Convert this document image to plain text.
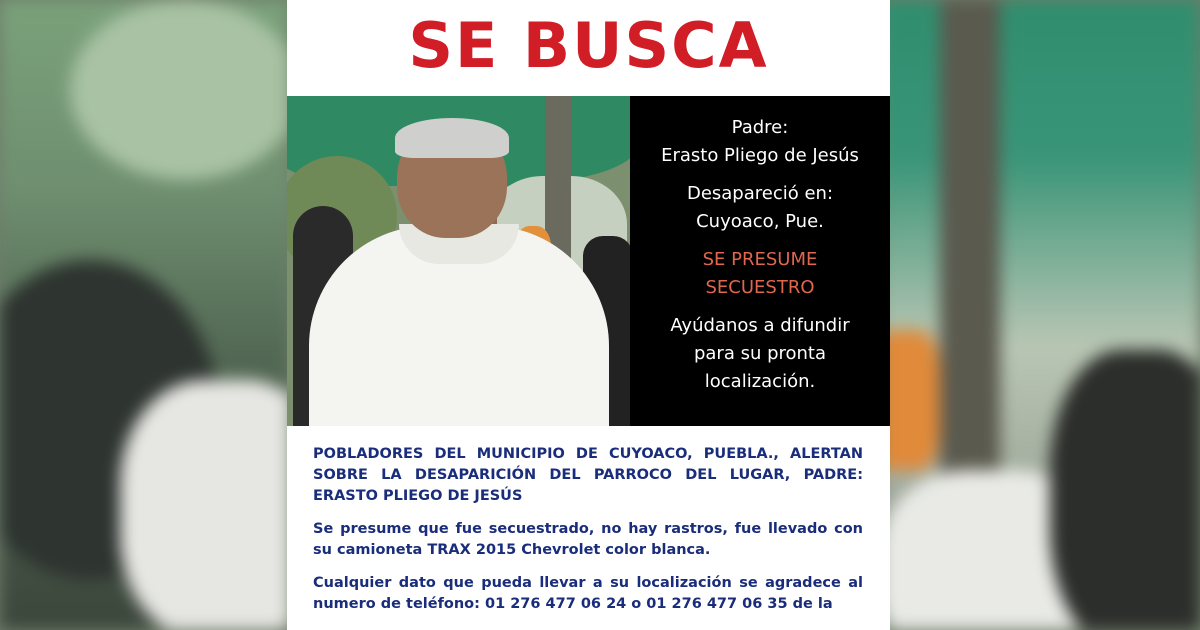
SE BUSCA
Padre:
Erasto Pliego de Jesús
Desapareció en:
Cuyoaco, Pue.
SE PRESUME
SECUESTRO
Ayúdanos a difundir
para su pronta
localización.

POBLADORES DEL MUNICIPIO DE CUYOACO, PUEBLA., ALERTAN SOBRE LA DESAPARICIÓN DEL PARROCO DEL LUGAR, PADRE: ERASTO PLIEGO DE JESÚS

Se presume que fue secuestrado, no hay rastros, fue llevado con su camioneta TRAX 2015 Chevrolet color blanca.

Cualquier dato que pueda llevar a su localización se agradece al numero de teléfono: 01 276 477 06 24 o 01 276 477 06 35 de la
